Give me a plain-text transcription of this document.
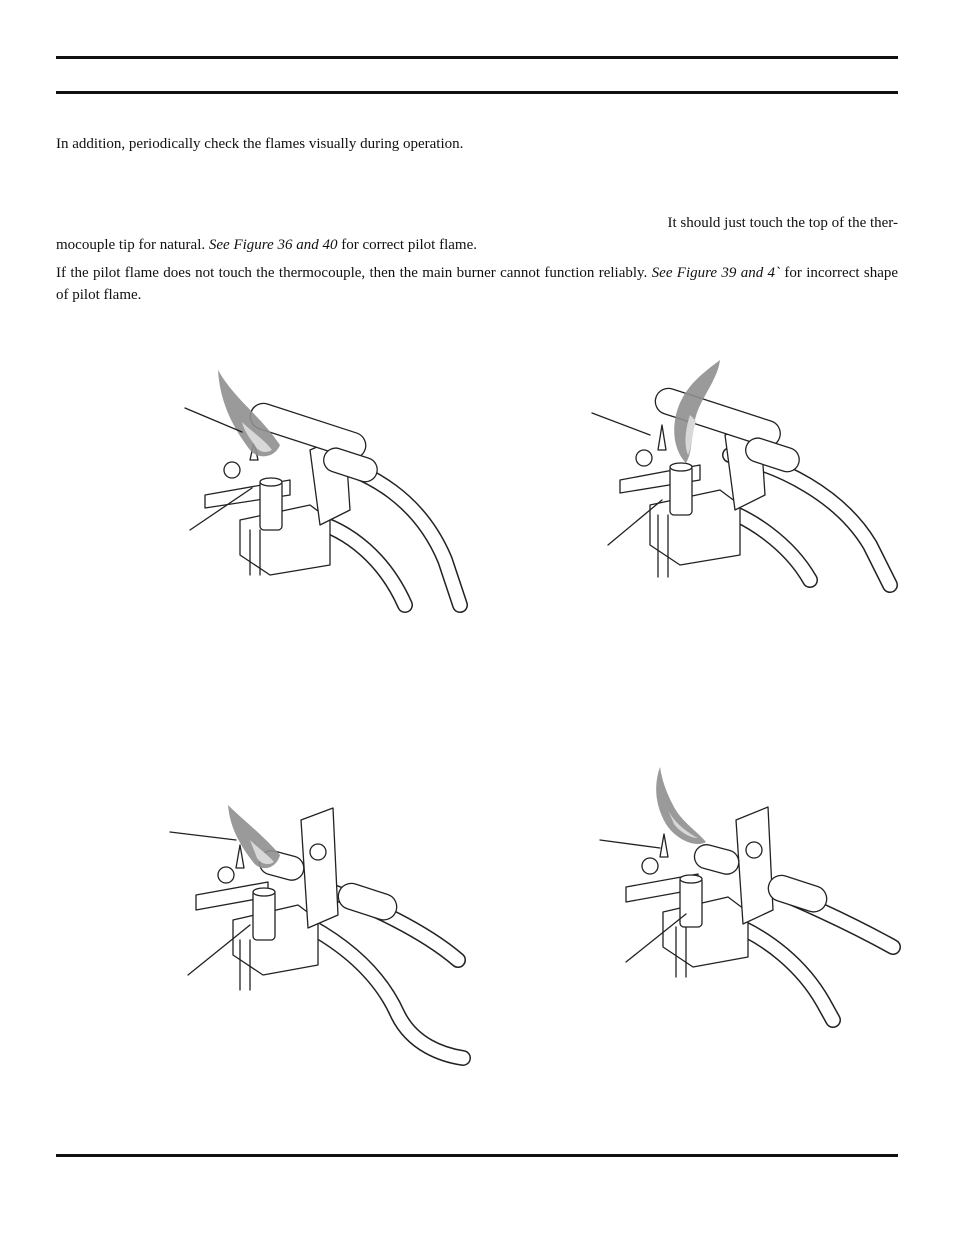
In addition, periodically check the flames visually during operation.

It should just touch the top of the ther-

mocouple tip for natural. See Figure 36 and 40 for correct pilot flame.

If the pilot flame does not touch the thermocouple, then the main burner cannot function reliably. See Figure 39 and 4` for incorrect shape of pilot flame.
